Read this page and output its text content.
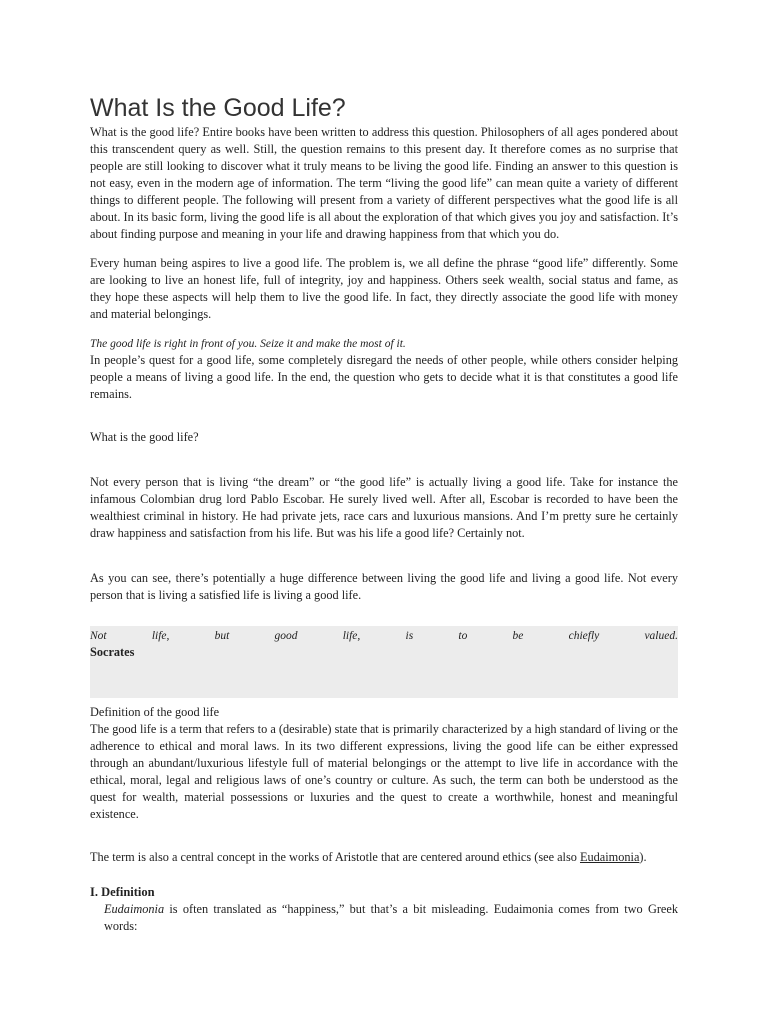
What Is the Good Life?

What is the good life? Entire books have been written to address this question. Philosophers of all ages pondered about this transcendent query as well. Still, the question remains to this present day. It therefore comes as no surprise that people are still looking to discover what it truly means to be living the good life. Finding an answer to this question is not easy, even in the modern age of information. The term “living the good life” can mean quite a variety of different things to different people. The following will present from a variety of different perspectives what the good life is all about. In its basic form, living the good life is all about the exploration of that which gives you joy and satisfaction. It’s about finding purpose and meaning in your life and drawing happiness from that which you do.

Every human being aspires to live a good life. The problem is, we all define the phrase “good life” differently. Some are looking to live an honest life, full of integrity, joy and happiness. Others seek wealth, social status and fame, as they hope these aspects will help them to live the good life. In fact, they directly associate the good life with money and material belongings.

The good life is right in front of you. Seize it and make the most of it.

In people’s quest for a good life, some completely disregard the needs of other people, while others consider helping people a means of living a good life. In the end, the question who gets to decide what it is that constitutes a good life remains.

What is the good life?

Not every person that is living “the dream” or “the good life” is actually living a good life. Take for instance the infamous Colombian drug lord Pablo Escobar. He surely lived well. After all, Escobar is recorded to have been the wealthiest criminal in history. He had private jets, race cars and luxurious mansions. And I’m pretty sure he certainly draw happiness and satisfaction from his life. But was his life a good life? Certainly not.

As you can see, there’s potentially a huge difference between living the good life and living a good life. Not every person that is living a satisfied life is living a good life.

Not	life,	but	good	life,	is	to	be	chiefly	valued.
Socrates

Definition of the good life

The good life is a term that refers to a (desirable) state that is primarily characterized by a high standard of living or the adherence to ethical and moral laws. In its two different expressions, living the good life can be either expressed through an abundant/luxurious lifestyle full of material belongings or the attempt to live life in accordance with the ethical, moral, legal and religious laws of one’s country or culture. As such, the term can both be understood as the quest for wealth, material possessions or luxuries and the quest to create a worthwhile, honest and meaningful existence.

The term is also a central concept in the works of Aristotle that are centered around ethics (see also Eudaimonia).

I. Definition

Eudaimonia is often translated as “happiness,” but that’s a bit misleading. Eudaimonia comes from two Greek words:
